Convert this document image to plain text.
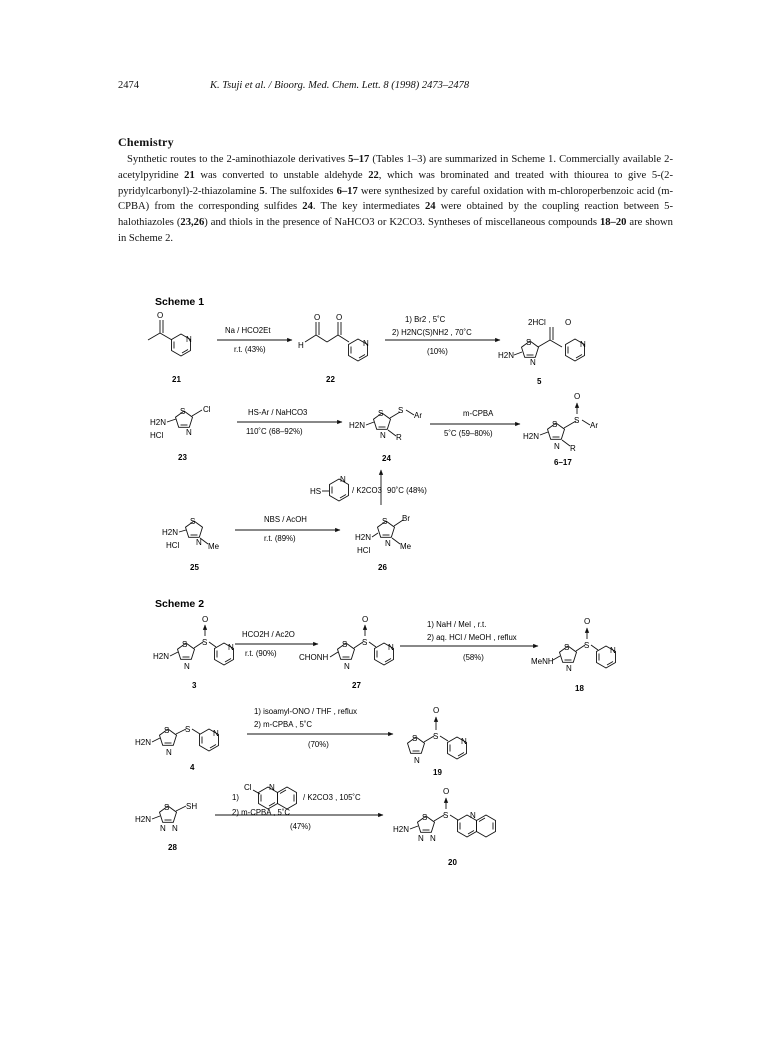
2474	K. Tsuji et al. / Bioorg. Med. Chem. Lett. 8 (1998) 2473–2478
Chemistry
Synthetic routes to the 2-aminothiazole derivatives 5–17 (Tables 1–3) are summarized in Scheme 1. Commercially available 2-acetylpyridine 21 was converted to unstable aldehyde 22, which was brominated and treated with thiourea to give 5-(2-pyridylcarbonyl)-2-thiazolamine 5. The sulfoxides 6–17 were synthesized by careful oxidation with m-chloroperbenzoic acid (m-CPBA) from the corresponding sulfides 24. The key intermediates 24 were obtained by the coupling reaction between 5-halothiazoles (23,26) and thiols in the presence of NaHCO3 or K2CO3. Syntheses of miscellaneous compounds 18–20 are shown in Scheme 2.
Scheme 1
O
N
21
Na / HCO2Et
r.t. (43%)	H
O O
N
22
1) Br2 , 5˚C
2) H2NC(S)NH2 , 70˚C
(10%)
2HCl
H2N
S
N
O
N
5
H2N
HCl
S
N
Cl
23
HS-Ar / NaHCO3
110˚C (68–92%)
H2N
S
N
S
Ar
R
24
m-CPBA
5˚C (59–80%)	H2N
S
N
S
O
Ar
R
6–17
HS
N
/ K2CO3 90˚C (48%)
H2N
HCl
S
N Me
25
NBS / AcOH
r.t. (89%)	H2N
HCl
S
N
Br
Me
26
Scheme 2
H2N
S
N
S
O
N
3
HCO2H / Ac2O
r.t. (90%)	CHONH
S
N
S
O
N
27
1) NaH / MeI , r.t.
2) aq. HCl / MeOH , reflux
(58%)	MeNH
S
N
S
O
N
18
H2N
S
N
S	N
4
1) isoamyl-ONO / THF , reflux
2) m-CPBA , 5˚C
(70%)
S
N
S
O
N
19
H2N
S
N N
SH
28
1)
Cl N
/ K2CO3 , 105˚C
2) m-CPBA , 5˚C
(47%)	H2N
S
N N
S
O
N
20
